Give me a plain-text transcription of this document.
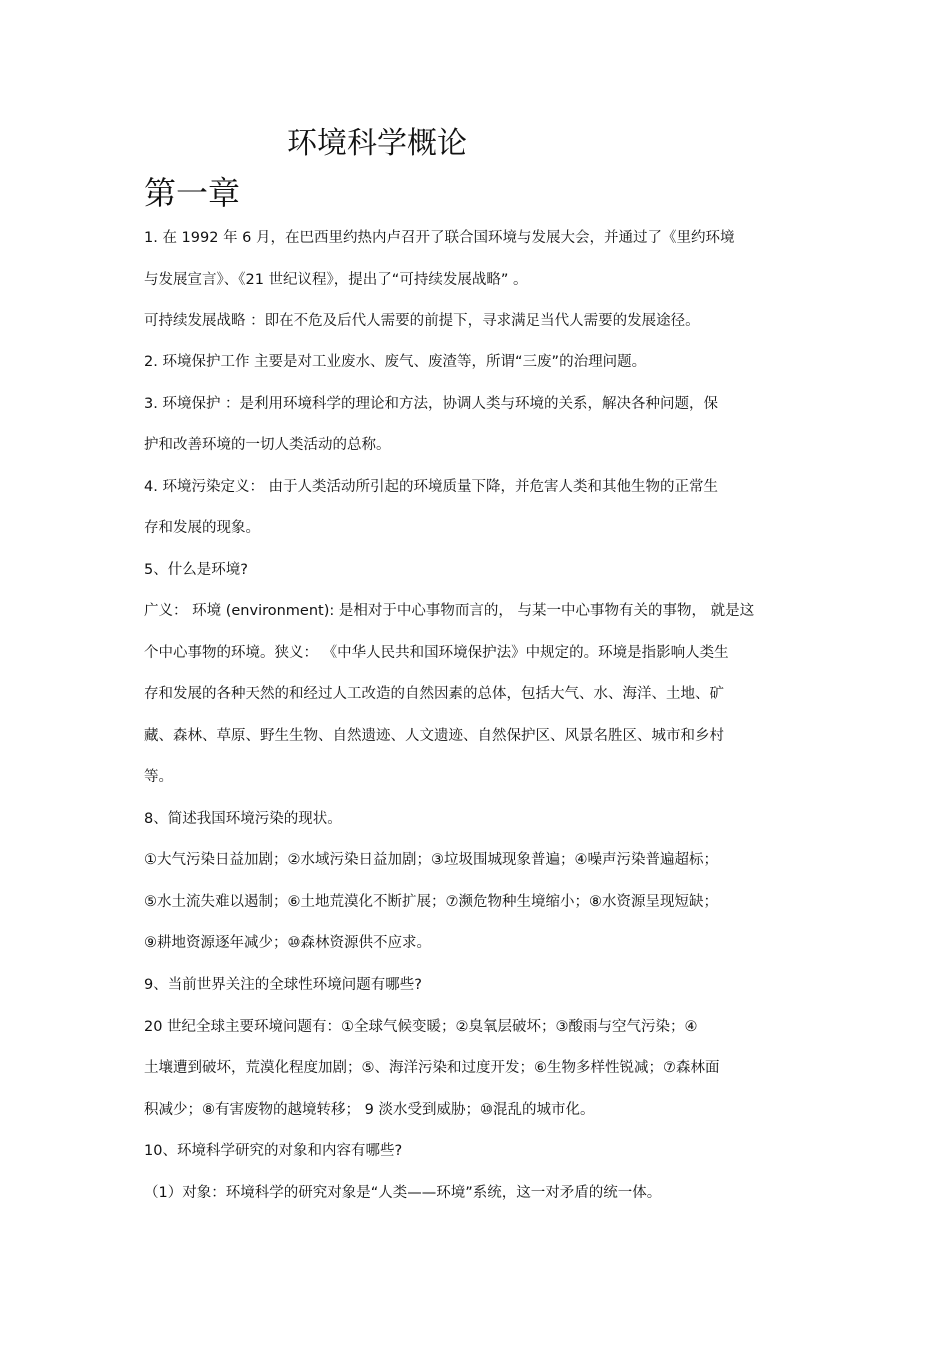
环境科学概论
第一章

1. 在 1992 年 6 月，在巴西里约热内卢召开了联合国环境与发展大会，并通过了《里约环境

与发展宣言》、《21 世纪议程》，提出了“可持续发展战略” 。

可持续发展战略 ：即在不危及后代人需要的前提下，寻求满足当代人需要的发展途径。

2. 环境保护工作 主要是对工业废水、废气、废渣等，所谓“三废”的治理问题。

3. 环境保护 ：是利用环境科学的理论和方法，协调人类与环境的关系，解决各种问题，保

护和改善环境的一切人类活动的总称。

4. 环境污染定义： 由于人类活动所引起的环境质量下降，并危害人类和其他生物的正常生

存和发展的现象。

5、什么是环境?

广义： 环境 (environment): 是相对于中心事物而言的， 与某一中心事物有关的事物， 就是这

个中心事物的环境。狭义： 《中华人民共和国环境保护法》中规定的。环境是指影响人类生

存和发展的各种天然的和经过人工改造的自然因素的总体，包括大气、水、海洋、土地、矿

藏、森林、草原、野生生物、自然遗迹、人文遗迹、自然保护区、风景名胜区、城市和乡村

等。

8、简述我国环境污染的现状。

①大气污染日益加剧；②水域污染日益加剧；③垃圾围城现象普遍；④噪声污染普遍超标；

⑤水土流失难以遏制；⑥土地荒漠化不断扩展；⑦濒危物种生境缩小；⑧水资源呈现短缺；

⑨耕地资源逐年减少；⑩森林资源供不应求。

9、当前世界关注的全球性环境问题有哪些?

20 世纪全球主要环境问题有：①全球气候变暖；②臭氧层破坏；③酸雨与空气污染；④

土壤遭到破坏，荒漠化程度加剧；⑤、海洋污染和过度开发；⑥生物多样性锐减；⑦森林面

积减少；⑧有害废物的越境转移； 9 淡水受到威胁；⑩混乱的城市化。

10、环境科学研究的对象和内容有哪些?

（1）对象：环境科学的研究对象是“人类——环境”系统，这一对矛盾的统一体。
